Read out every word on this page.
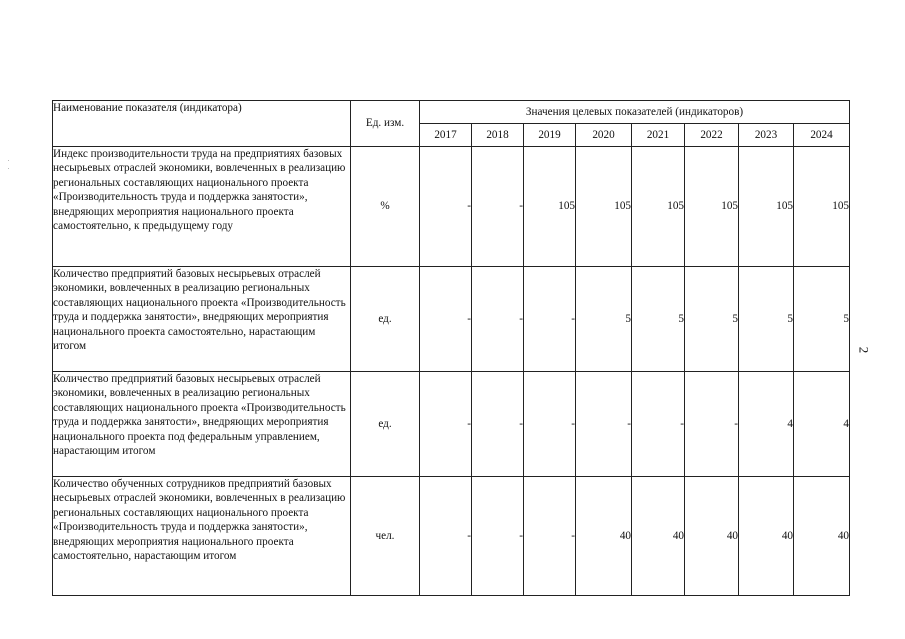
Наименование показателя (индикатора)	Ед. изм.	Значения целевых показателей (индикаторов)							
		2017	2018	2019	2020	2021	2022	2023	2024
Индекс производительности труда на предприятиях базовых несырьевых отраслей экономики, вовлеченных в реализацию региональных составляющих национального проекта «Производительность труда и поддержка занятости», внедряющих мероприятия национального проекта самостоятельно, к предыдущему году	%	-	-	105	105	105	105	105	105
Количество предприятий базовых несырьевых отраслей экономики, вовлеченных в реализацию региональных составляющих национального проекта «Производительность труда и поддержка занятости», внедряющих мероприятия национального проекта самостоятельно, нарастающим итогом	ед.	-	-	-	5	5	5	5	5
Количество предприятий базовых несырьевых отраслей экономики, вовлеченных в реализацию региональных составляющих национального проекта «Производительность труда и поддержка занятости», внедряющих мероприятия национального проекта под федеральным управлением, нарастающим итогом	ед.	-	-	-	-	-	-	4	4
Количество обученных сотрудников предприятий базовых несырьевых отраслей экономики, вовлеченных в реализацию региональных составляющих национального проекта «Производительность труда и поддержка занятости», внедряющих мероприятия национального проекта самостоятельно, нарастающим итогом	чел.	-	-	-	40	40	40	40	40
2
